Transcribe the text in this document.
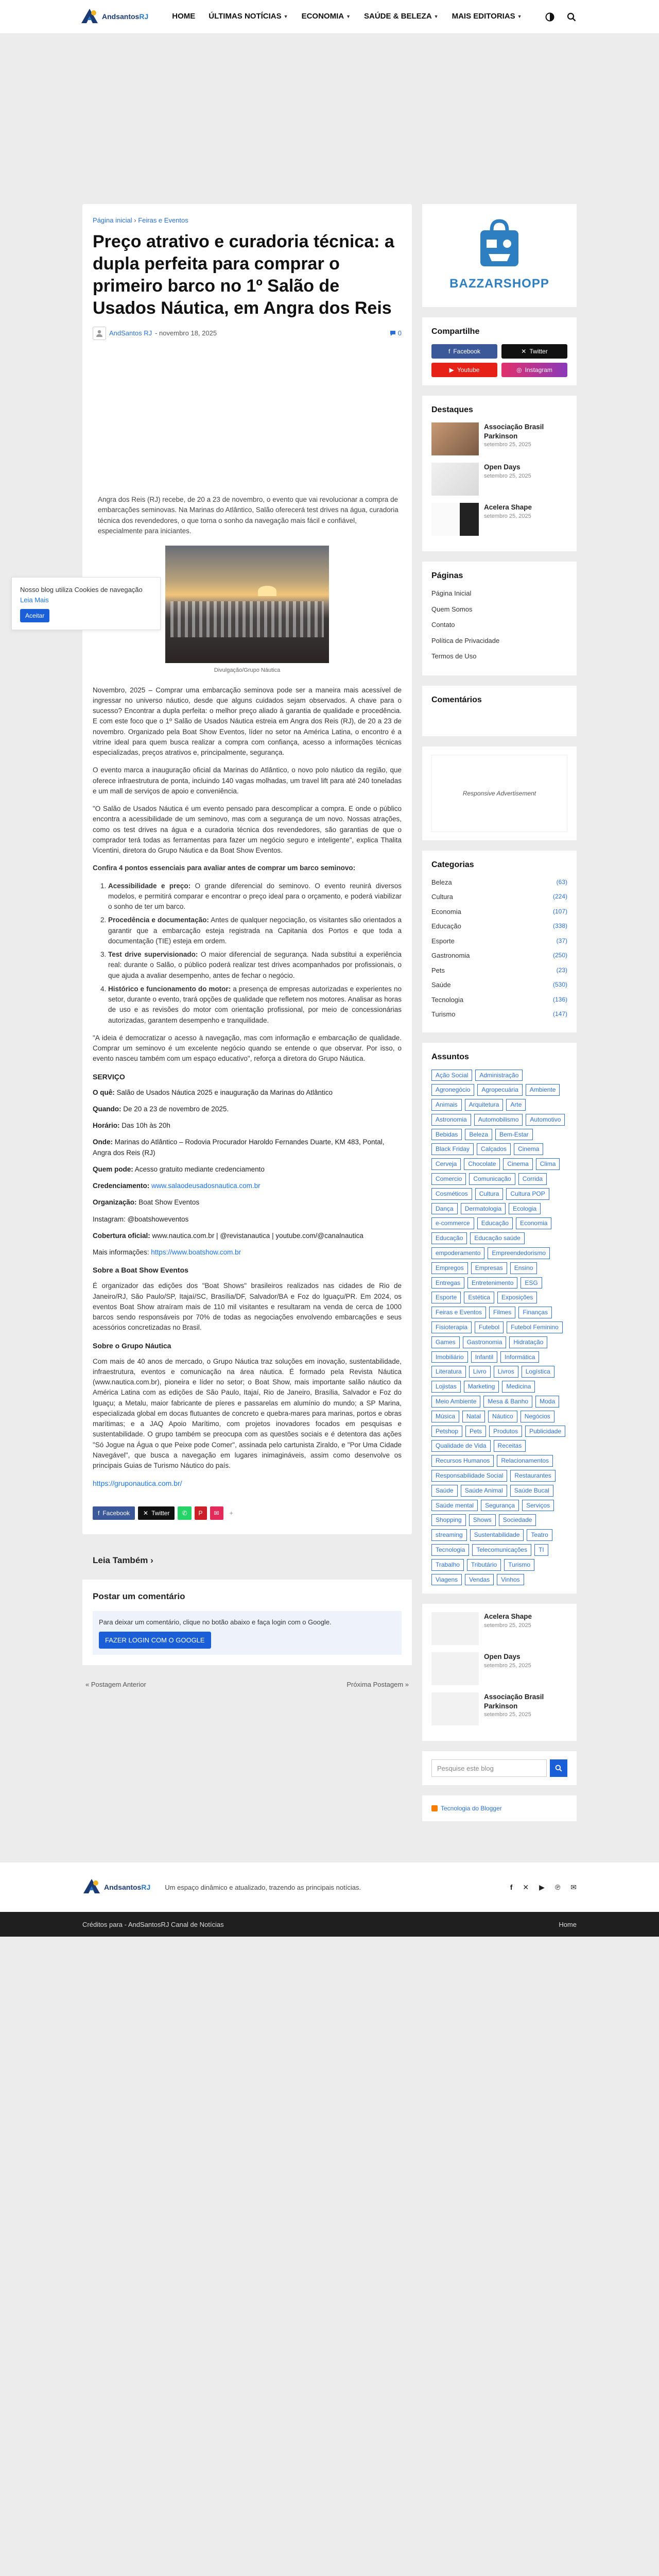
AndsantosRJ	HOME ÚLTIMAS NOTÍCIAS ▼ ECONOMIA ▼ SAÚDE & BELEZA ▼ MAIS EDITORIAS ▼

Nosso blog utiliza Cookies de navegação Leia Mais

Aceitar
Página inicial › Feiras e Eventos
Preço atrativo e curadoria técnica: a dupla perfeita para comprar o primeiro barco no 1º Salão de Usados Náutica, em Angra dos Reis
AndSantos RJ - novembro 18, 2025	0

Angra dos Reis (RJ) recebe, de 20 a 23 de novembro, o evento que vai revolucionar a compra de embarcações seminovas. Na Marinas do Atlântico, Salão oferecerá test drives na água, curadoria técnica dos revendedores, o que torna o sonho da navegação mais fácil e confiável, especialmente para iniciantes.

Divulgação/Grupo Náutica

Novembro, 2025 – Comprar uma embarcação seminova pode ser a maneira mais acessível de ingressar no universo náutico, desde que alguns cuidados sejam observados. A chave para o sucesso? Encontrar a dupla perfeita: o melhor preço aliado à garantia de qualidade e procedência. E com este foco que o 1º Salão de Usados Náutica estreia em Angra dos Reis (RJ), de 20 a 23 de novembro. Organizado pela Boat Show Eventos, líder no setor na América Latina, o encontro é a vitrine ideal para quem busca realizar a compra com confiança, acesso a informações técnicas especializadas, preços atrativos e, principalmente, segurança.

O evento marca a inauguração oficial da Marinas do Atlântico, o novo polo náutico da região, que oferece infraestrutura de ponta, incluindo 140 vagas molhadas, um travel lift para até 240 toneladas e um mall de serviços de apoio e conveniência.

"O Salão de Usados Náutica é um evento pensado para descomplicar a compra. E onde o público encontra a acessibilidade de um seminovo, mas com a segurança de um novo. Nossas atrações, como os test drives na água e a curadoria técnica dos revendedores, são garantias de que o comprador terá todas as ferramentas para fazer um negócio seguro e inteligente", explica Thalita Vicentini, diretora do Grupo Náutica e da Boat Show Eventos.

Confira 4 pontos essenciais para avaliar antes de comprar um barco seminovo:

1. Acessibilidade e preço: O grande diferencial do seminovo. O evento reunirá diversos modelos, e permitirá comparar e encontrar o preço ideal para o orçamento, e poderá viabilizar o sonho de ter um barco.
2. Procedência e documentação: Antes de qualquer negociação, os visitantes são orientados a garantir que a embarcação esteja registrada na Capitania dos Portos e que toda a documentação (TIE) esteja em ordem.
3. Test drive supervisionado: O maior diferencial de segurança. Nada substitui a experiência real: durante o Salão, o público poderá realizar test drives acompanhados por profissionais, o que ajuda a avaliar desempenho, antes de fechar o negócio.
4. Histórico e funcionamento do motor: a presença de empresas autorizadas e experientes no setor, durante o evento, trará opções de qualidade que refletem nos motores. Analisar as horas de uso e as revisões do motor com orientação profissional, por meio de concessionárias autorizadas, garantem desempenho e tranquilidade.

"A ideia é democratizar o acesso à navegação, mas com informação e embarcação de qualidade. Comprar um seminovo é um excelente negócio quando se entende o que observar. Por isso, o evento nasceu também com um espaço educativo", reforça a diretora do Grupo Náutica.

SERVIÇO
O quê: Salão de Usados Náutica 2025 e inauguração da Marinas do Atlântico
Quando: De 20 a 23 de novembro de 2025.
Horário: Das 10h às 20h
Onde: Marinas do Atlântico – Rodovia Procurador Haroldo Fernandes Duarte, KM 483, Pontal, Angra dos Reis (RJ)
Quem pode: Acesso gratuito mediante credenciamento
Credenciamento: www.salaodeusadosnautica.com.br
Organização: Boat Show Eventos
Instagram: @boatshoweventos
Cobertura oficial: www.nautica.com.br | @revistanautica | youtube.com/@canalnautica
Mais informações: https://www.boatshow.com.br
Sobre a Boat Show Eventos

É organizador das edições dos "Boat Shows" brasileiros realizados nas cidades de Rio de Janeiro/RJ, São Paulo/SP, Itajaí/SC, Brasília/DF, Salvador/BA e Foz do Iguaçu/PR. Em 2024, os eventos Boat Show atraíram mais de 110 mil visitantes e resultaram na venda de cerca de 1000 barcos sendo responsáveis por 70% de todas as negociações envolvendo embarcações e seus acessórios concretizadas no Brasil.

Sobre o Grupo Náutica

Com mais de 40 anos de mercado, o Grupo Náutica traz soluções em inovação, sustentabilidade, infraestrutura, eventos e comunicação na área náutica. É formado pela Revista Náutica (www.nautica.com.br), pioneira e líder no setor; o Boat Show, mais importante salão náutico da América Latina com as edições de São Paulo, Itajaí, Rio de Janeiro, Brasília, Salvador e Foz do Iguaçu; a Metalu, maior fabricante de píeres e passarelas em alumínio do mundo; a SP Marina, especializada global em docas flutuantes de concreto e quebra-mares para marinas, portos e obras marítimas; e a JAQ Apoio Marítimo, com projetos inovadores focados em pesquisas e sustentabilidade. O grupo também se preocupa com as questões sociais e é detentora das ações "Só Jogue na Água o que Peixe pode Comer", assinada pelo cartunista Ziraldo, e "Por Uma Cidade Navegável", que busca a navegação em lugares inimagináveis, assim como desenvolve os principais Guias de Turismo Náutico do país.

https://gruponautica.com.br/
f Facebook ✕ Twitter ✆ P ✉ +
Leia Também ›
Postar um comentário
Para deixar um comentário, clique no botão abaixo e faça login com o Google.
FAZER LOGIN COM O GOOGLE
« Postagem Anterior	Próxima Postagem »
BAZZARSHOPP
Compartilhe
f Facebook	✕ Twitter
▶ Youtube	◎ Instagram
Destaques
Associação Brasil Parkinson
setembro 25, 2025
Open Days
setembro 25, 2025
Acelera Shape
setembro 25, 2025
Páginas
Página Inicial
Quem Somos
Contato
Política de Privacidade
Termos de Uso
Comentários
Responsive Advertisement
Categorias
Beleza	(63)
Cultura	(224)
Economia	(107)
Educação	(338)
Esporte	(37)
Gastronomia	(250)
Pets	(23)
Saúde	(530)
Tecnologia	(136)
Turismo	(147)
Assuntos
Ação Social	Administração
Agronegócio	Agropecuária	Ambiente
Animais	Arquitetura	Arte
Astronomia	Automobilismo	Automotivo
Bebidas	Beleza	Bem-Estar
Black Friday	Calçados	Cinema
Cerveja	Chocolate	Cinema	Clima
Comercio	Comunicação	Corrida
Cosméticos	Cultura	Cultura POP
Dança	Dermatologia	Ecologia
e-commerce	Educação	Economia
Educação	Educação saúde
empoderamento	Empreendedorismo
Empregos	Empresas	Ensino
Entregas	Entretenimento	ESG
Esporte	Estética	Exposições
Feiras e Eventos	Filmes	Finanças
Fisioterapia	Futebol	Futebol Feminino
Games	Gastronomia	Hidratação
Imobiliário	Infantil	Informática
Literatura	Livro	Livros	Logística
Lojistas	Marketing	Medicina
Meio Ambiente	Mesa & Banho	Moda
Música	Natal	Náutico	Negócios
Petshop	Pets	Produtos	Publicidade
Qualidade de Vida	Receitas
Recursos Humanos	Relacionamentos
Responsabilidade Social	Restaurantes
Saúde	Saúde Animal	Saúde Bucal
Saúde mental	Segurança	Serviços
Shopping	Shows	Sociedade
streaming	Sustentabilidade	Teatro
Tecnologia	Telecomunicações	TI
Trabalho	Tributário	Turismo
Viagens	Vendas	Vinhos
Acelera Shape
setembro 25, 2025
Open Days
setembro 25, 2025
Associação Brasil Parkinson
setembro 25, 2025
Pesquise este blog
Tecnologia do Blogger
AndsantosRJ Um espaço dinâmico e atualizado, trazendo as principais notícias.	f ✕ ▶ ℗ ✉
Créditos para - AndSantosRJ Canal de Notícias	Home
